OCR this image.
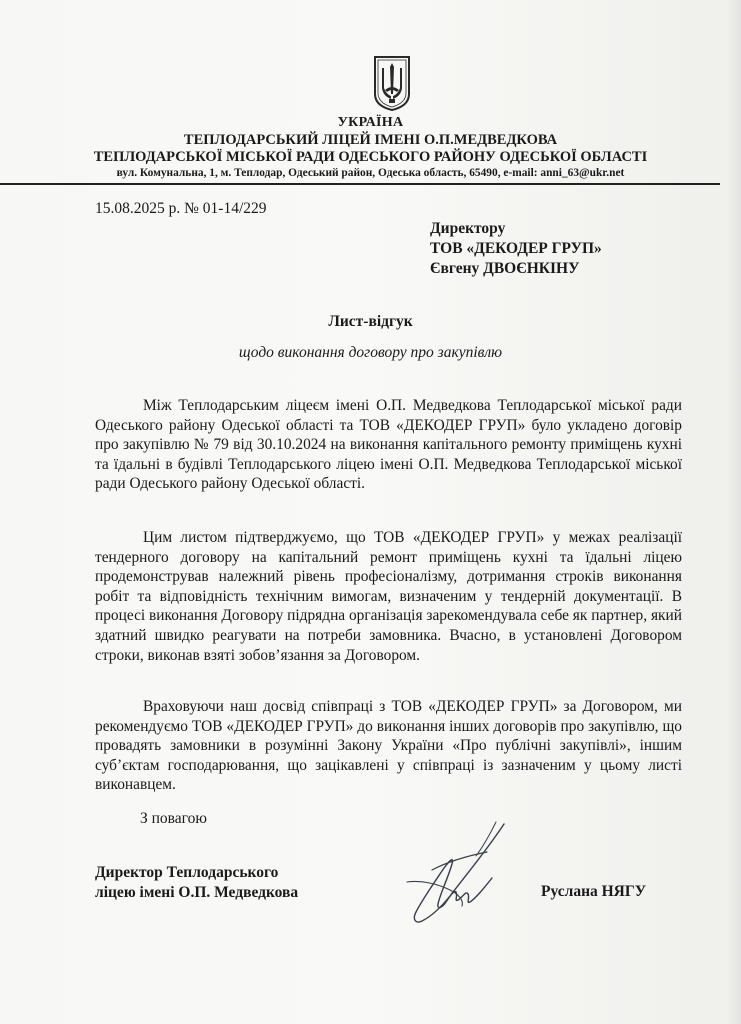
УКРАЇНА
ТЕПЛОДАРСЬКИЙ ЛІЦЕЙ ІМЕНІ О.П.МЕДВЕДКОВА
ТЕПЛОДАРСЬКОЇ МІСЬКОЇ РАДИ ОДЕСЬКОГО РАЙОНУ ОДЕСЬКОЇ ОБЛАСТІ
вул. Комунальна, 1, м. Теплодар, Одеський район, Одеська область, 65490, e-mail: anni_63@ukr.net
15.08.2025 р. № 01-14/229
Директору
ТОВ «ДЕКОДЕР ГРУП»
Євгену ДВОЄНКІНУ
Лист-відгук
щодо виконання договору про закупівлю

Між Теплодарським ліцеєм імені О.П. Медведкова Теплодарської міської ради Одеського району Одеської області та ТОВ «ДЕКОДЕР ГРУП» було укладено договір про закупівлю № 79 від 30.10.2024 на виконання капітального ремонту приміщень кухні та їдальні в будівлі Теплодарського ліцею імені О.П. Медведкова Теплодарської міської ради Одеського району Одеської області.

Цим листом підтверджуємо, що ТОВ «ДЕКОДЕР ГРУП» у межах реалізації тендерного договору на капітальний ремонт приміщень кухні та їдальні ліцею продемонстрував належний рівень професіоналізму, дотримання строків виконання робіт та відповідність технічним вимогам, визначеним у тендерній документації. В процесі виконання Договору підрядна організація зарекомендувала себе як партнер, який здатний швидко реагувати на потреби замовника. Вчасно, в установлені Договором строки, виконав взяті зобов’язання за Договором.

Враховуючи наш досвід співпраці з ТОВ «ДЕКОДЕР ГРУП» за Договором, ми рекомендуємо ТОВ «ДЕКОДЕР ГРУП» до виконання інших договорів про закупівлю, що провадять замовники в розумінні Закону України «Про публічні закупівлі», іншим суб’єктам господарювання, що зацікавлені у співпраці із зазначеним у цьому листі виконавцем.

З повагою
Директор Теплодарського
ліцею імені О.П. Медведкова	Руслана НЯГУ
